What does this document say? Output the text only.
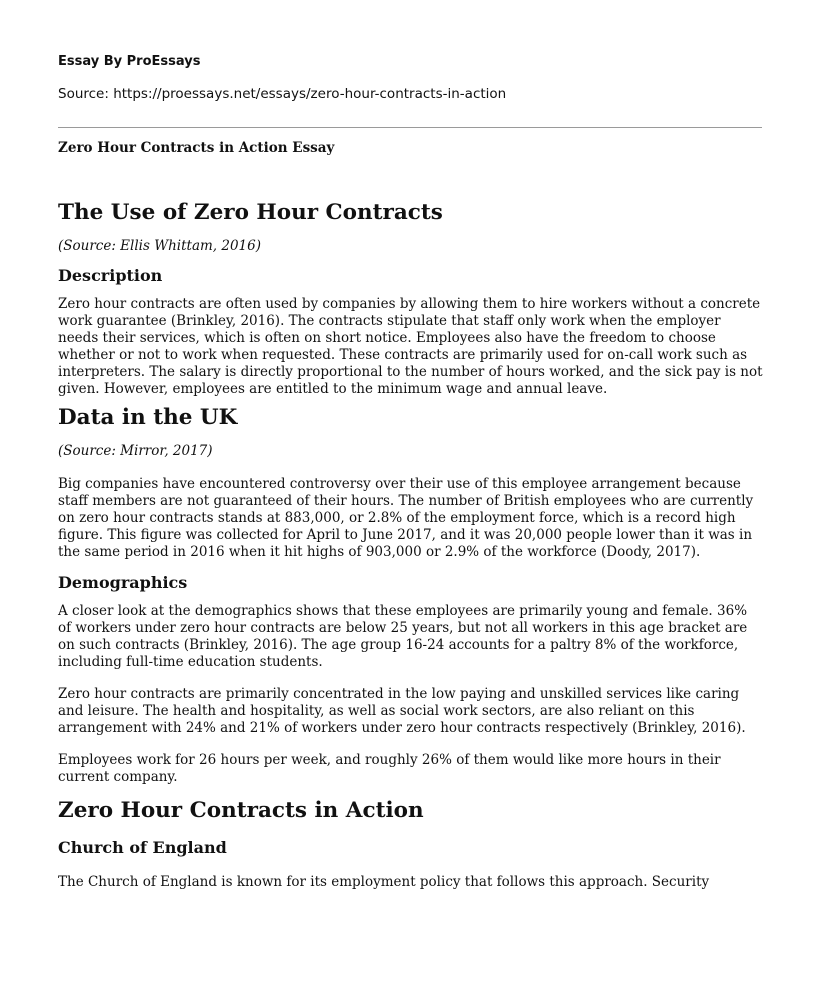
Essay By ProEssays
Source: https://proessays.net/essays/zero-hour-contracts-in-action
Zero Hour Contracts in Action Essay
The Use of Zero Hour Contracts

(Source: Ellis Whittam, 2016)

Description

Zero hour contracts are often used by companies by allowing them to hire workers without a concrete work guarantee (Brinkley, 2016). The contracts stipulate that staff only work when the employer needs their services, which is often on short notice. Employees also have the freedom to choose whether or not to work when requested. These contracts are primarily used for on-call work such as interpreters. The salary is directly proportional to the number of hours worked, and the sick pay is not given. However, employees are entitled to the minimum wage and annual leave.

Data in the UK

(Source: Mirror, 2017)

Big companies have encountered controversy over their use of this employee arrangement because staff members are not guaranteed of their hours. The number of British employees who are currently on zero hour contracts stands at 883,000, or 2.8% of the employment force, which is a record high figure. This figure was collected for April to June 2017, and it was 20,000 people lower than it was in the same period in 2016 when it hit highs of 903,000 or 2.9% of the workforce (Doody, 2017).

Demographics

A closer look at the demographics shows that these employees are primarily young and female. 36% of workers under zero hour contracts are below 25 years, but not all workers in this age bracket are on such contracts (Brinkley, 2016). The age group 16-24 accounts for a paltry 8% of the workforce, including full-time education students.

Zero hour contracts are primarily concentrated in the low paying and unskilled services like caring and leisure. The health and hospitality, as well as social work sectors, are also reliant on this arrangement with 24% and 21% of workers under zero hour contracts respectively (Brinkley, 2016).

Employees work for 26 hours per week, and roughly 26% of them would like more hours in their current company.

Zero Hour Contracts in Action
Church of England

The Church of England is known for its employment policy that follows this approach. Security
